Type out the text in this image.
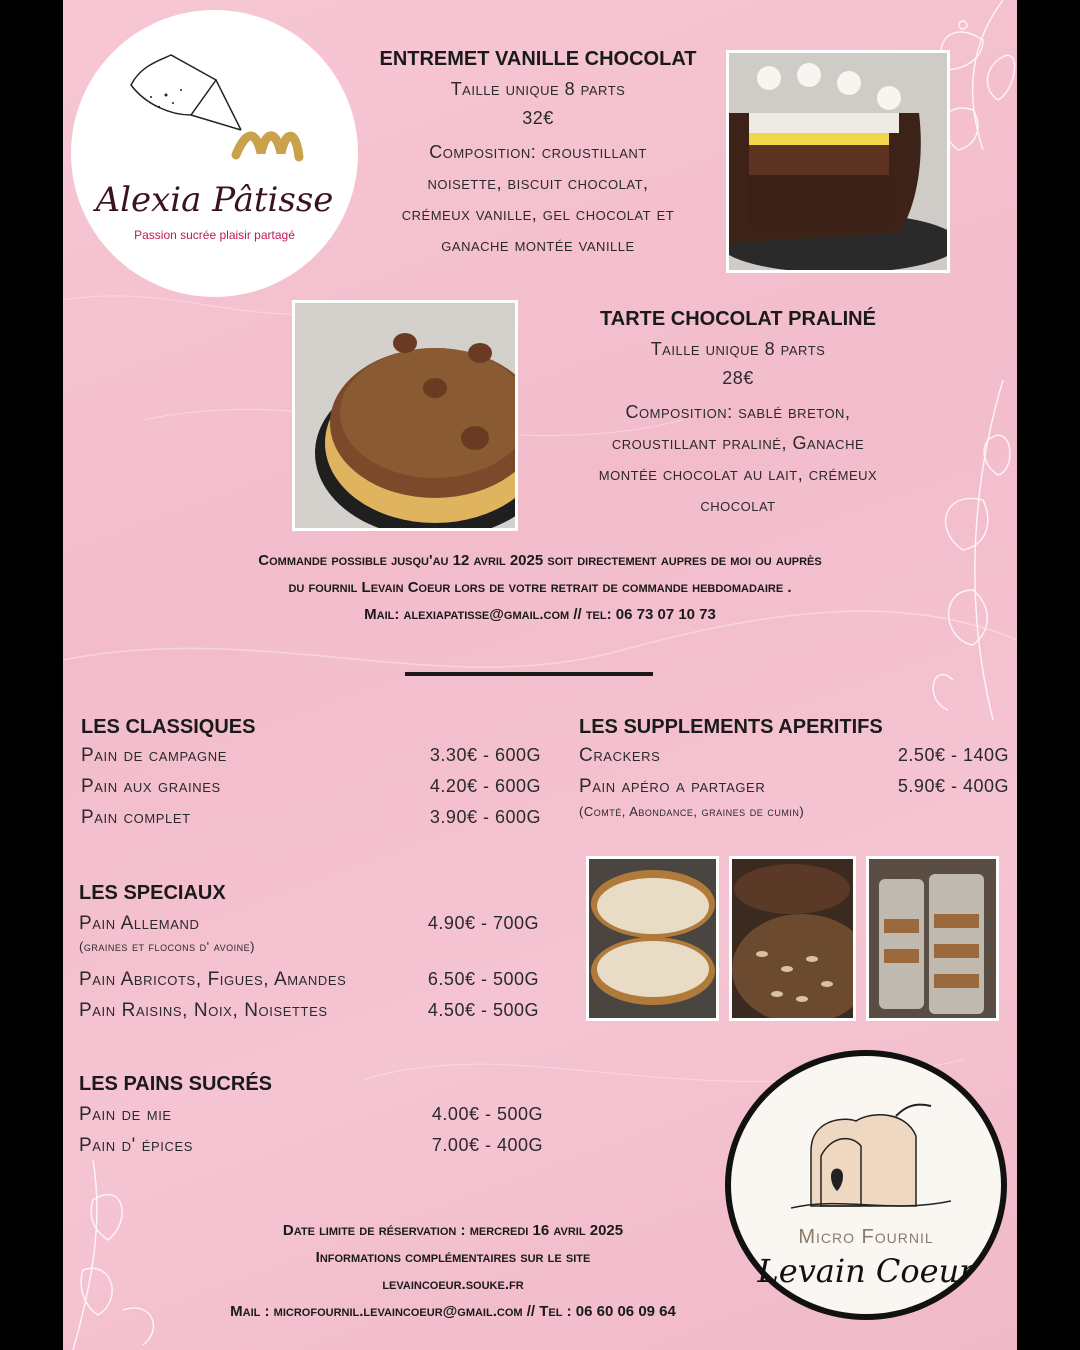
Alexia Pâtisse
Passion sucrée plaisir partagé
ENTREMET VANILLE CHOCOLAT
Taille unique 8 parts
32€
Composition: croustillant
noisette, biscuit chocolat,
crémeux vanille, gel chocolat et
ganache montée vanille
TARTE CHOCOLAT PRALINÉ
Taille unique 8 parts
28€
Composition: sablé breton,
croustillant praliné, Ganache
montée chocolat au lait, crémeux
chocolat
Commande possible jusqu'au 12 avril 2025 soit directement aupres de moi ou auprès
du fournil Levain Coeur lors de votre retrait de commande hebdomadaire .
Mail: alexiapatisse@gmail.com // tel: 06 73 07 10 73
LES CLASSIQUES
Pain de campagne	3.30€ - 600G
Pain aux graines	4.20€ - 600G
Pain complet	3.90€ - 600G
LES SPECIAUX
Pain Allemand	4.90€ - 700G
(graines et flocons d' avoine)
Pain Abricots, Figues, Amandes	6.50€ - 500G
Pain Raisins, Noix, Noisettes	4.50€ - 500G
LES PAINS SUCRÉS
Pain de mie	4.00€ - 500G
Pain d' épices	7.00€ - 400G
LES SUPPLEMENTS APERITIFS
Crackers	2.50€ - 140G
Pain apéro a partager	5.90€ - 400G
(Comté, Abondance, graines de cumin)
Date limite de réservation : mercredi 16 avril 2025
Informations complémentaires sur le site
levaincoeur.souke.fr
Mail : microfournil.levaincoeur@gmail.com // Tel : 06 60 06 09 64
Micro Fournil
Levain Coeur
